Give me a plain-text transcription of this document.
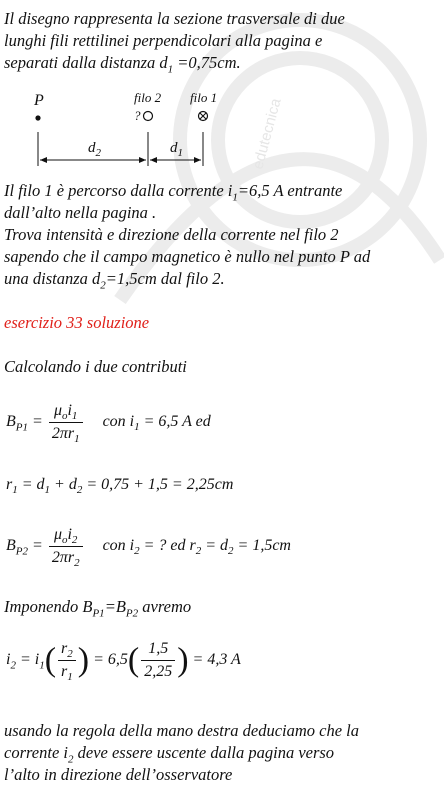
edutecnica
Il disegno rappresenta la sezione trasversale di due
lunghi fili rettilinei perpendicolari alla pagina e
separati dalla distanza $d_1 =0,75cm$.
P	filo 2 filo 1
?
$d_2$	$d_1$
Il filo 1 è percorso dalla corrente $i_1=6,5$ A entrante
dall’alto nella pagina .
Trova intensità e direzione della corrente nel filo 2
sapendo che il campo magnetico è nullo nel punto P ad
una distanza $d_2=1,5cm$ dal filo 2.
esercizio 33 soluzione
Calcolando i due contributi
$B_{P1} = \frac{\mu_oi_1}{2\pi r_1}$ con $i_1 = 6,5$ A ed
$r_1 = d_1 + d_2 = 0,75 + 1,5 = 2,25cm$
$B_{P2} = \frac{\mu_oi_2}{2\pi r_2}$ con $i_2$ = ? ed $r_2 = d_2 = 1,5cm$
Imponendo $B_{P1}=B_{P2}$ avremo
$i_2 = i_1( \frac{r_2}{r_1}$ ) = $6,5( \frac{1,5}{2,25}$ ) = 4,3 A
usando la regola della mano destra deduciamo che la
corrente $i_2$ deve essere uscente dalla pagina verso
l’alto in direzione dell’osservatore
